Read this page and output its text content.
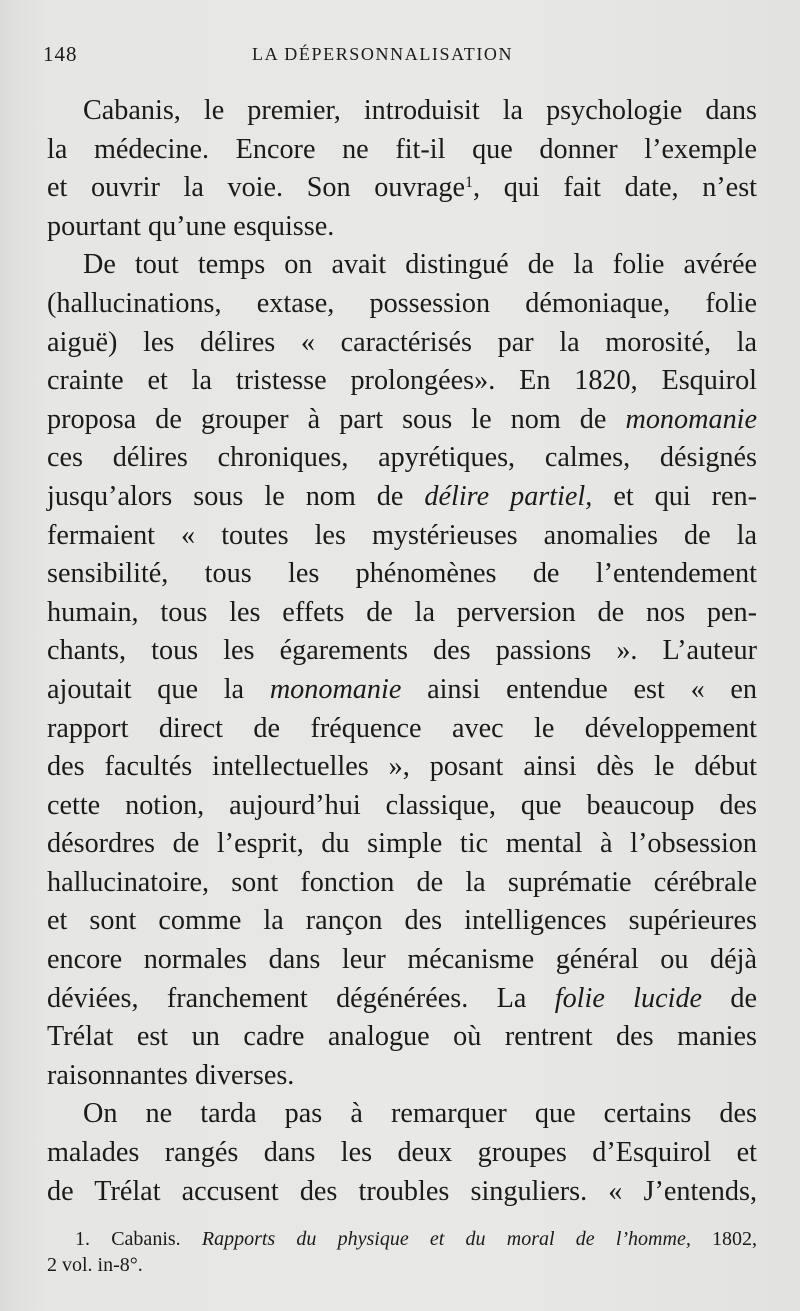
148	LA DÉPERSONNALISATION
Cabanis, le premier, introduisit la psychologie dans
la médecine. Encore ne fit-il que donner l’exemple
et ouvrir la voie. Son ouvrage$^1$, qui fait date, n’est
pourtant qu’une esquisse.
De tout temps on avait distingué de la folie avérée
(hallucinations, extase, possession démoniaque, folie
aiguë) les délires « caractérisés par la morosité, la
crainte et la tristesse prolongées». En 1820, Esquirol
proposa de grouper à part sous le nom de monomanie
ces délires chroniques, apyrétiques, calmes, désignés
jusqu’alors sous le nom de délire partiel, et qui ren-
fermaient « toutes les mystérieuses anomalies de la
sensibilité, tous les phénomènes de l’entendement
humain, tous les effets de la perversion de nos pen-
chants, tous les égarements des passions ». L’auteur
ajoutait que la monomanie ainsi entendue est « en
rapport direct de fréquence avec le développement
des facultés intellectuelles », posant ainsi dès le début
cette notion, aujourd’hui classique, que beaucoup des
désordres de l’esprit, du simple tic mental à l’obsession
hallucinatoire, sont fonction de la suprématie cérébrale
et sont comme la rançon des intelligences supérieures
encore normales dans leur mécanisme général ou déjà
déviées, franchement dégénérées. La folie lucide de
Trélat est un cadre analogue où rentrent des manies
raisonnantes diverses.
On ne tarda pas à remarquer que certains des
malades rangés dans les deux groupes d’Esquirol et
de Trélat accusent des troubles singuliers. « J’entends,
1. Cabanis. Rapports du physique et du moral de l’homme, 1802,
2 vol. in-8°.
